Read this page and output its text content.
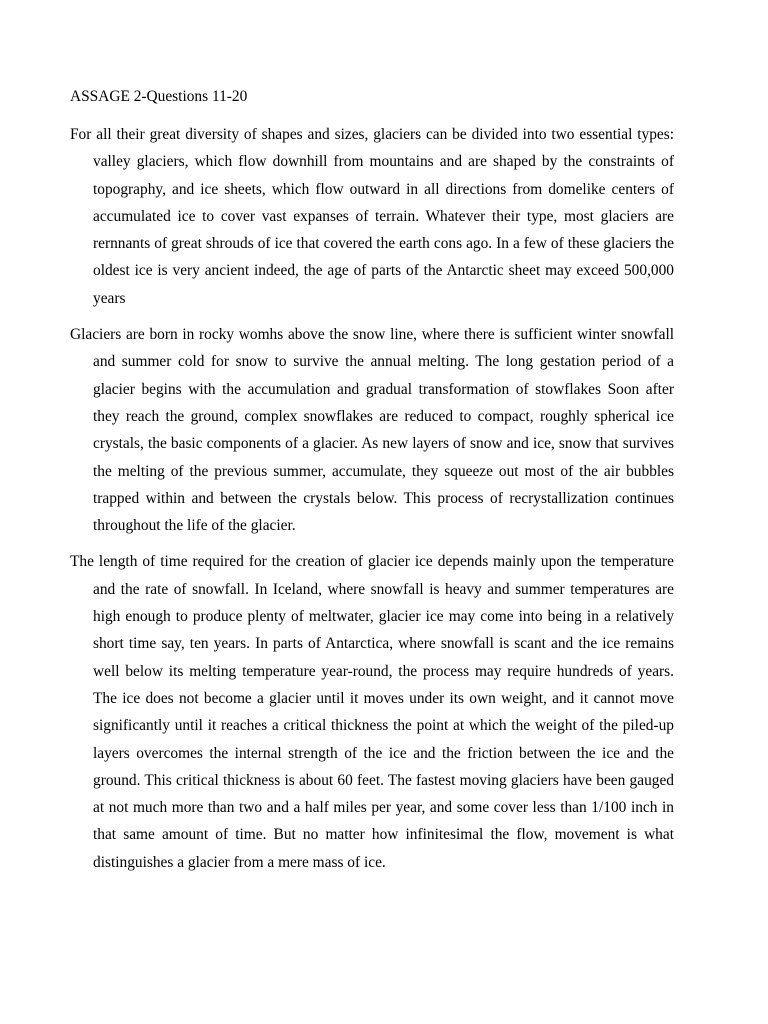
ASSAGE 2-Questions 11-20

For all their great diversity of shapes and sizes, glaciers can be divided into two essential types: valley glaciers, which flow downhill from mountains and are shaped by the constraints of topography, and ice sheets, which flow outward in all directions from domelike centers of accumulated ice to cover vast expanses of terrain. Whatever their type, most glaciers are rernnants of great shrouds of ice that covered the earth cons ago. In a few of these glaciers the oldest ice is very ancient indeed, the age of parts of the Antarctic sheet may exceed 500,000 years

Glaciers are born in rocky womhs above the snow line, where there is sufficient winter snowfall and summer cold for snow to survive the annual melting. The long gestation period of a glacier begins with the accumulation and gradual transformation of stowflakes Soon after they reach the ground, complex snowflakes are reduced to compact, roughly spherical ice crystals, the basic components of a glacier. As new layers of snow and ice, snow that survives the melting of the previous summer, accumulate, they squeeze out most of the air bubbles trapped within and between the crystals below. This process of recrystallization continues throughout the life of the glacier.

The length of time required for the creation of glacier ice depends mainly upon the temperature and the rate of snowfall. In Iceland, where snowfall is heavy and summer temperatures are high enough to produce plenty of meltwater, glacier ice may come into being in a relatively short time say, ten years. In parts of Antarctica, where snowfall is scant and the ice remains well below its melting temperature year-round, the process may require hundreds of years. The ice does not become a glacier until it moves under its own weight, and it cannot move significantly until it reaches a critical thickness the point at which the weight of the piled-up layers overcomes the internal strength of the ice and the friction between the ice and the ground. This critical thickness is about 60 feet. The fastest moving glaciers have been gauged at not much more than two and a half miles per year, and some cover less than 1/100 inch in that same amount of time. But no matter how infinitesimal the flow, movement is what distinguishes a glacier from a mere mass of ice.
